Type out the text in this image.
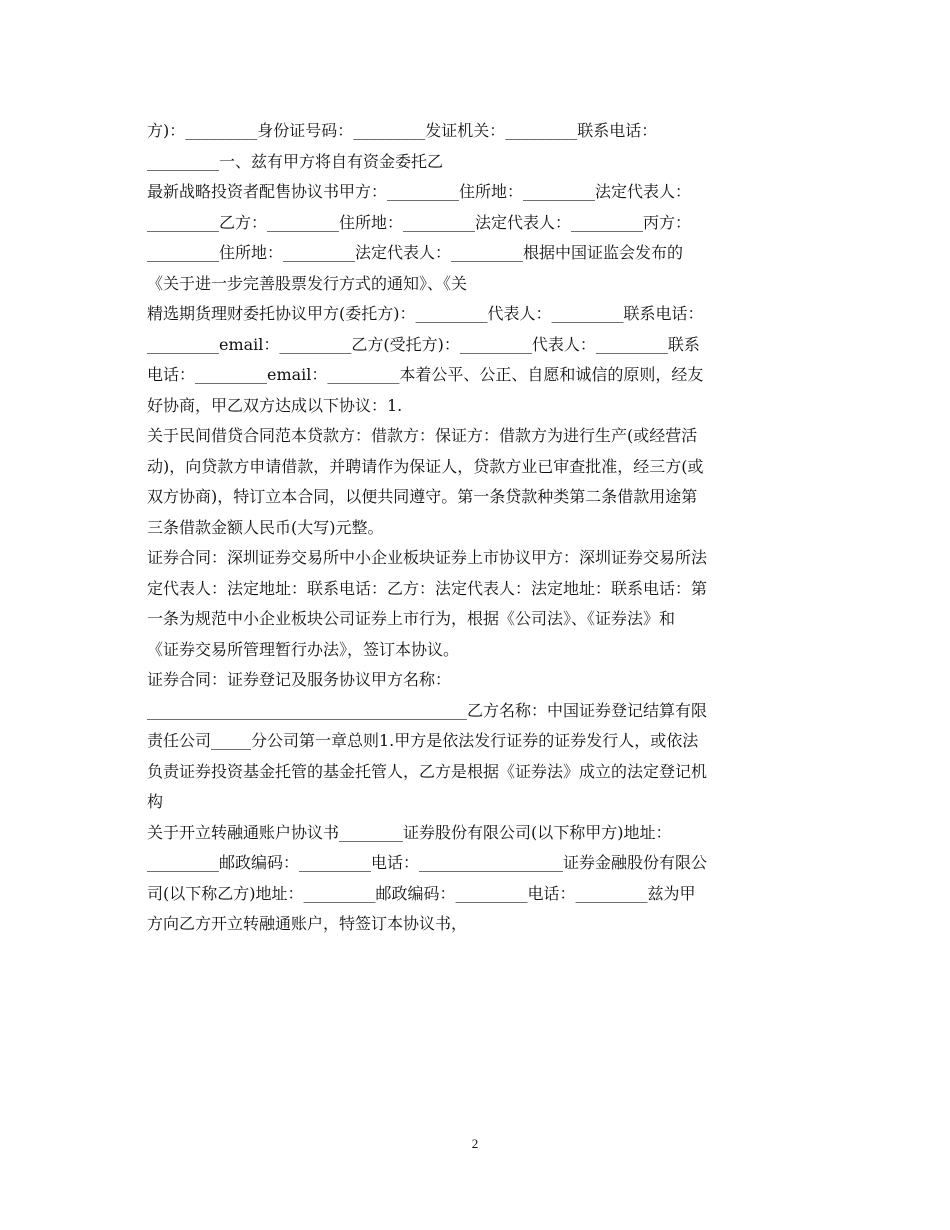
方)：_________身份证号码：_________发证机关：_________联系电话：
_________一、兹有甲方将自有资金委托乙
最新战略投资者配售协议书甲方：_________住所地：_________法定代表人：
_________乙方：_________住所地：_________法定代表人：_________丙方：
_________住所地：_________法定代表人：_________根据中国证监会发布的
《关于进一步完善股票发行方式的通知》、《关
精选期货理财委托协议甲方(委托方)：_________代表人：_________联系电话：
_________email：_________乙方(受托方)：_________代表人：_________联系
电话：_________email：_________本着公平、公正、自愿和诚信的原则，经友
好协商，甲乙双方达成以下协议：1.
关于民间借贷合同范本贷款方：借款方：保证方：借款方为进行生产(或经营活
动)，向贷款方申请借款，并聘请作为保证人，贷款方业已审查批准，经三方(或
双方协商)，特订立本合同，以便共同遵守。第一条贷款种类第二条借款用途第
三条借款金额人民币(大写)元整。
证券合同：深圳证券交易所中小企业板块证券上市协议甲方：深圳证券交易所法
定代表人：法定地址：联系电话：乙方：法定代表人：法定地址：联系电话：第
一条为规范中小企业板块公司证券上市行为，根据《公司法》、《证券法》和
《证券交易所管理暂行办法》，签订本协议。
证券合同：证券登记及服务协议甲方名称：
________________________________________乙方名称：中国证券登记结算有限
责任公司_____分公司第一章总则1.甲方是依法发行证券的证券发行人，或依法
负责证券投资基金托管的基金托管人，乙方是根据《证券法》成立的法定登记机
构
关于开立转融通账户协议书________证券股份有限公司(以下称甲方)地址：
_________邮政编码：_________电话：__________________证券金融股份有限公
司(以下称乙方)地址：_________邮政编码：_________电话：_________兹为甲
方向乙方开立转融通账户，特签订本协议书，
2
